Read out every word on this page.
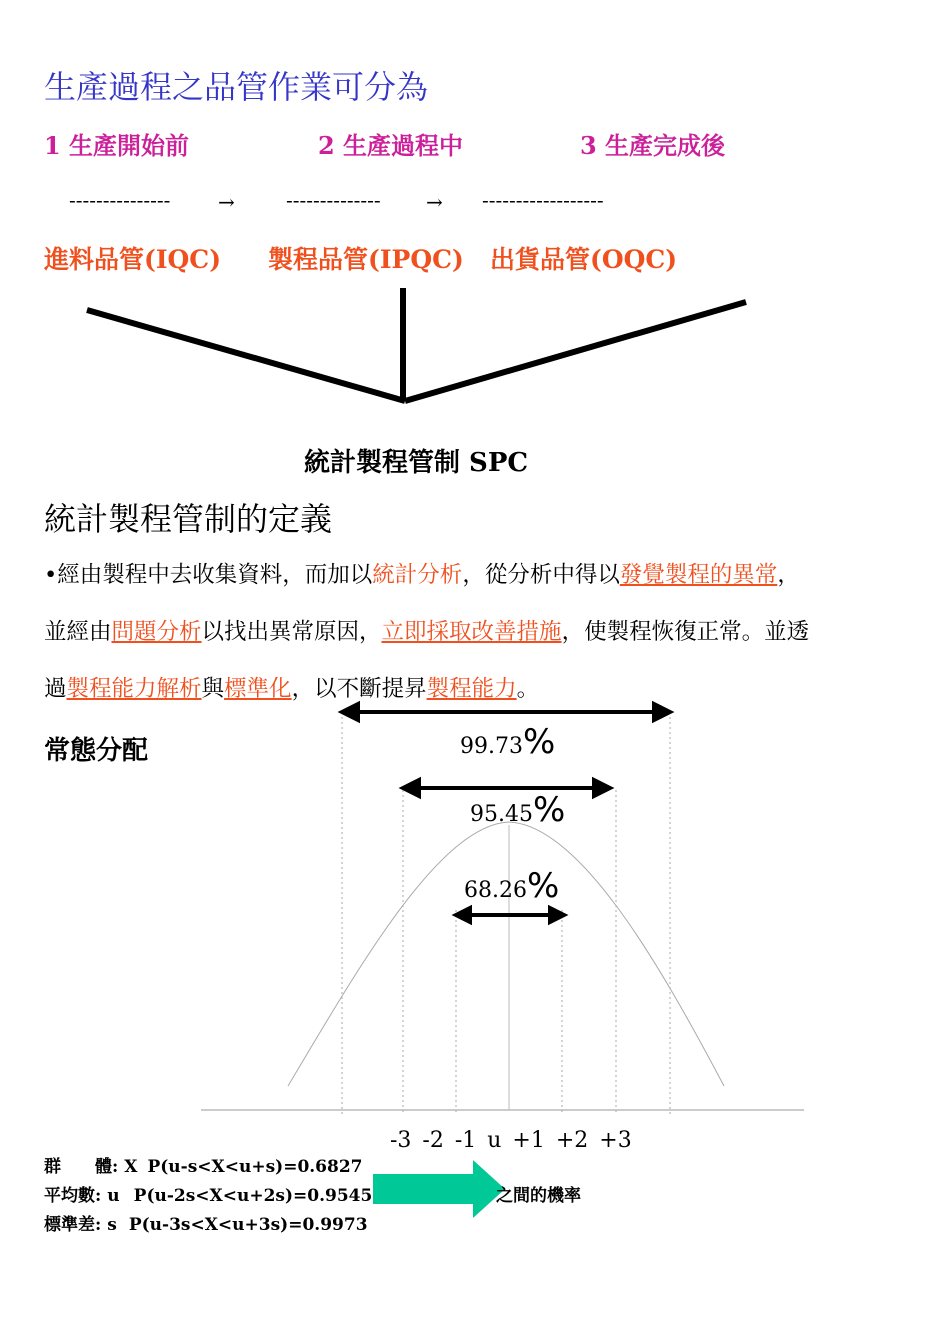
生產過程之品管作業可分為
1 生產開始前	2 生產過程中	3 生產完成後
--------------- →	-------------- → ------------------
進料品管(IQC) 製程品管(IPQC) 出貨品管(OQC)
統計製程管制 SPC
統計製程管制的定義
•經由製程中去收集資料，而加以統計分析，從分析中得以發覺製程的異常，
並經由問題分析以找出異常原因，立即採取改善措施，使製程恢復正常。並透
過製程能力解析與標準化，以不斷提昇製程能力。
常態分配	99.73%
95.45%
68.26%
-3 -2 -1 u +1 +2 +3
群　　體: X P(u-s<X<u+s)=0.6827
平均數: u P(u-2s<X<u+2s)=0.9545
標準差: s P(u-3s<X<u+3s)=0.9973
之間的機率
